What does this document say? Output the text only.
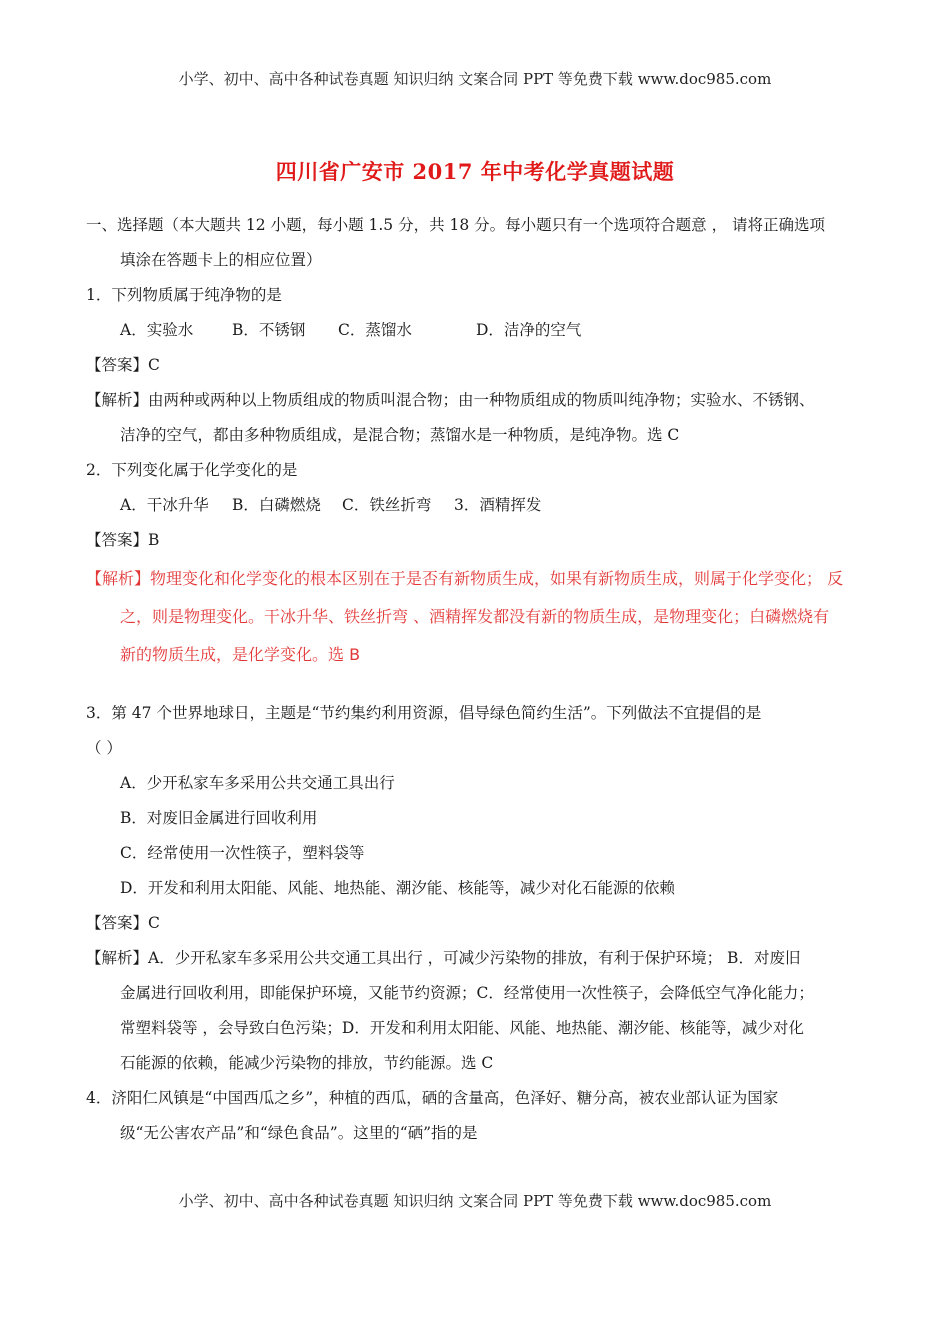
小学、初中、高中各种试卷真题 知识归纳 文案合同 PPT 等免费下载 www.doc985.com
四川省广安市 2017 年中考化学真题试题
一、选择题（本大题共 12 小题，每小题 1.5 分，共 18 分。每小题只有一个选项符合题意 ， 请将正确选项
填涂在答题卡上的相应位置）
1．下列物质属于纯净物的是
A．实验水	B．不锈钢 C．蒸馏水	D．洁净的空气
【答案】C
【解析】由两种或两种以上物质组成的物质叫混合物；由一种物质组成的物质叫纯净物；实验水、不锈钢、
洁净的空气，都由多种物质组成，是混合物；蒸馏水是一种物质，是纯净物。选 C
2．下列变化属于化学变化的是
A．干冰升华 B．白磷燃烧 C．铁丝折弯 3．酒精挥发
【答案】B
【解析】物理变化和化学变化的根本区别在于是否有新物质生成，如果有新物质生成，则属于化学变化； 反
之，则是物理变化。干冰升华、铁丝折弯 、酒精挥发都没有新的物质生成，是物理变化；白磷燃烧有
新的物质生成，是化学变化。选 B
3．第 47 个世界地球日，主题是“节约集约利用资源，倡导绿色简约生活”。下列做法不宜提倡的是
（ ）
A．少开私家车多采用公共交通工具出行
B．对废旧金属进行回收利用
C．经常使用一次性筷子，塑料袋等
D．开发和利用太阳能、风能、地热能、潮汐能、核能等，减少对化石能源的依赖
【答案】C
【解析】A．少开私家车多采用公共交通工具出行 ，可减少污染物的排放，有利于保护环境； B．对废旧
金属进行回收利用，即能保护环境，又能节约资源；C．经常使用一次性筷子，会降低空气净化能力；
常塑料袋等 ，会导致白色污染；D．开发和利用太阳能、风能、地热能、潮汐能、核能等，减少对化
石能源的依赖，能减少污染物的排放，节约能源。选 C
4．济阳仁风镇是“中国西瓜之乡”，种植的西瓜，硒的含量高，色泽好、糖分高，被农业部认证为国家
级“无公害农产品”和“绿色食品”。这里的“硒”指的是
小学、初中、高中各种试卷真题 知识归纳 文案合同 PPT 等免费下载 www.doc985.com
